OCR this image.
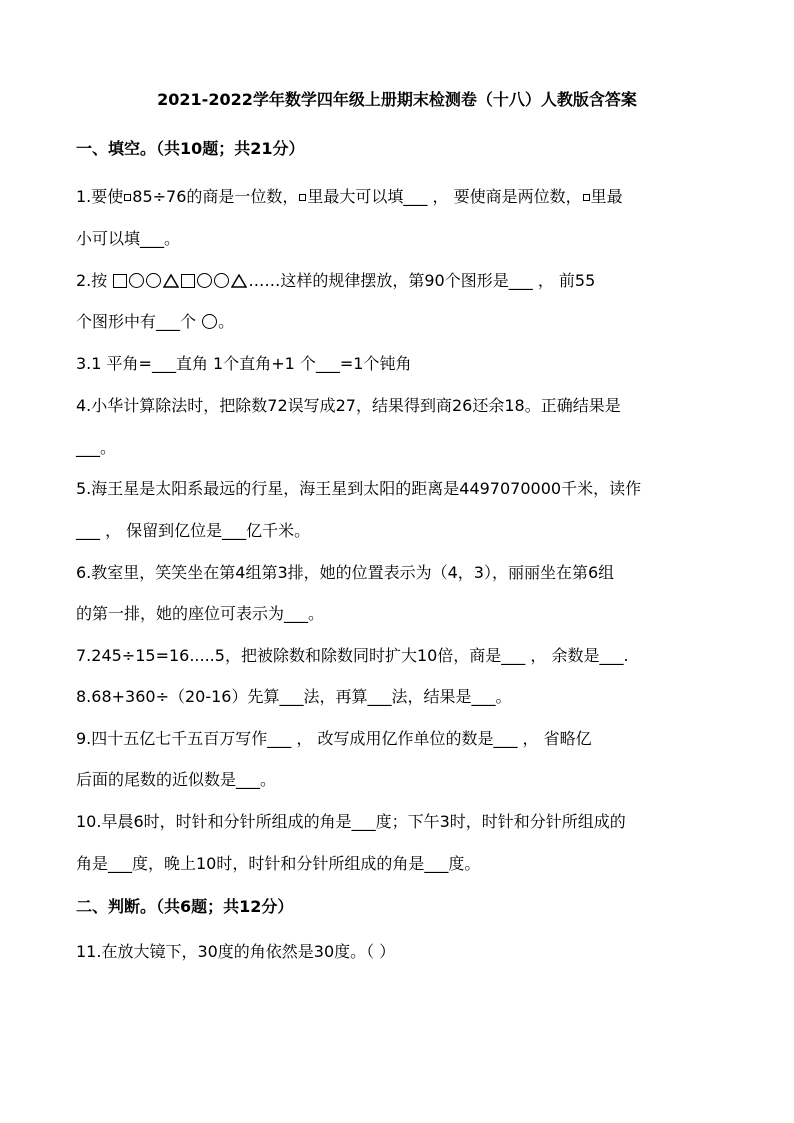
2021-2022学年数学四年级上册期末检测卷（十八）人教版含答案
一、填空。（共10题；共21分）
1.要使 85÷76的商是一位数， 里最大可以填___ ， 要使商是两位数， 里最
小可以填___。
2.按	……这样的规律摆放，第90个图形是___ ， 前55
个图形中有___个 。
3.1 平角=___直角 1个直角+1 个___=1个钝角
4.小华计算除法时，把除数72误写成27，结果得到商26还余18。正确结果是
___。
5.海王星是太阳系最远的行星，海王星到太阳的距离是4497070000千米，读作
___ ， 保留到亿位是___亿千米。
6.教室里，笑笑坐在第4组第3排，她的位置表示为（4，3），丽丽坐在第6组
的第一排，她的座位可表示为___。
7.245÷15=16.....5，把被除数和除数同时扩大10倍，商是___ ， 余数是___.
8.68+360÷（20-16）先算___法，再算___法，结果是___。
9.四十五亿七千五百万写作___ ， 改写成用亿作单位的数是___ ， 省略亿
后面的尾数的近似数是___。
10.早晨6时，时针和分针所组成的角是___度；下午3时，时针和分针所组成的
角是___度，晚上10时，时针和分针所组成的角是___度。
二、判断。（共6题；共12分）
11.在放大镜下，30度的角依然是30度。（ ）
